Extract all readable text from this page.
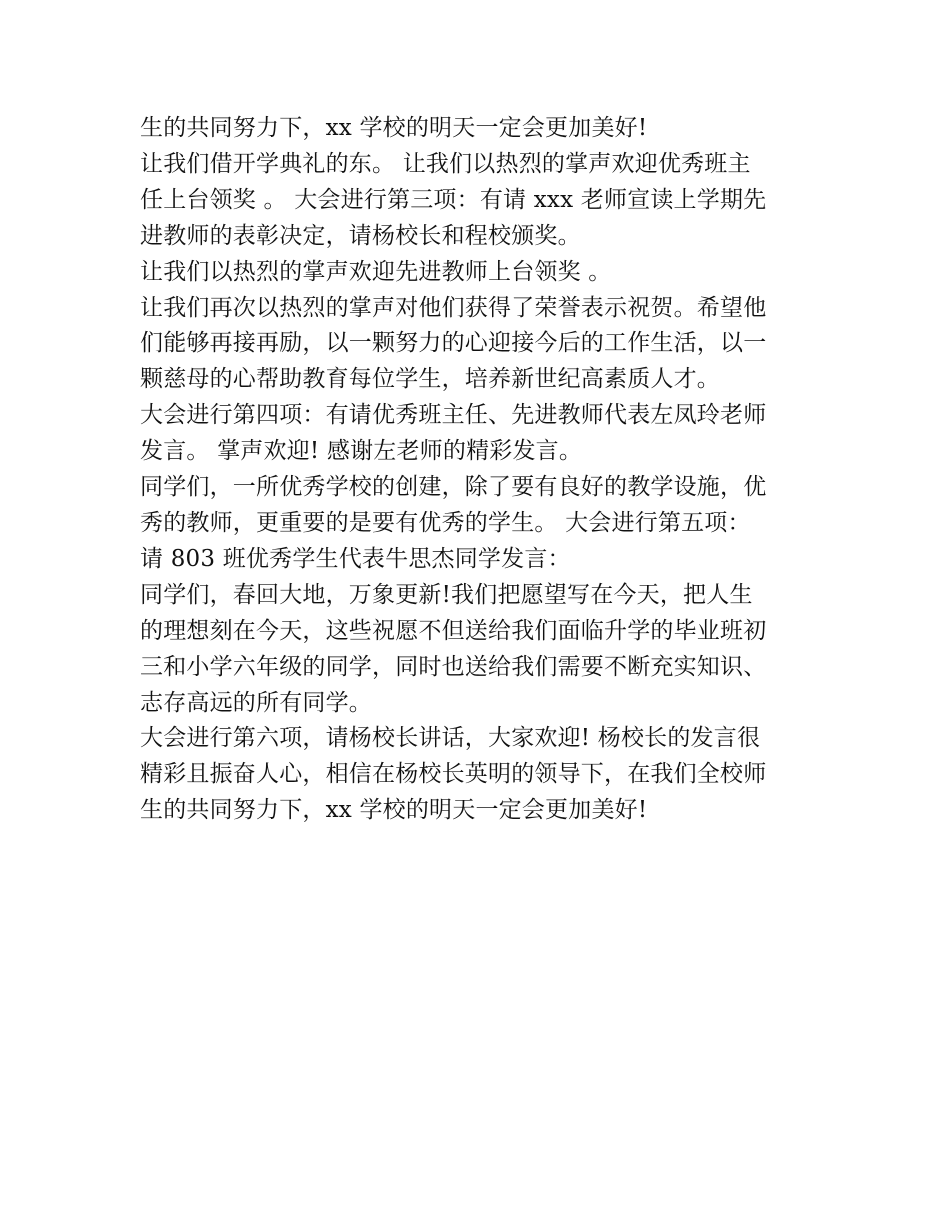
生的共同努力下，xx 学校的明天一定会更加美好!

让我们借开学典礼的东。 让我们以热烈的掌声欢迎优秀班主

任上台领奖 。 大会进行第三项：有请 xxx 老师宣读上学期先

进教师的表彰决定，请杨校长和程校颁奖。

让我们以热烈的掌声欢迎先进教师上台领奖 。

让我们再次以热烈的掌声对他们获得了荣誉表示祝贺。希望他

们能够再接再励，以一颗努力的心迎接今后的工作生活，以一

颗慈母的心帮助教育每位学生，培养新世纪高素质人才。

大会进行第四项：有请优秀班主任、先进教师代表左凤玲老师

发言。 掌声欢迎! 感谢左老师的精彩发言。

同学们，一所优秀学校的创建，除了要有良好的教学设施，优

秀的教师，更重要的是要有优秀的学生。 大会进行第五项：

请 803 班优秀学生代表牛思杰同学发言：

同学们，春回大地，万象更新!我们把愿望写在今天，把人生

的理想刻在今天，这些祝愿不但送给我们面临升学的毕业班初

三和小学六年级的同学，同时也送给我们需要不断充实知识、

志存高远的所有同学。

大会进行第六项，请杨校长讲话，大家欢迎! 杨校长的发言很

精彩且振奋人心，相信在杨校长英明的领导下，在我们全校师

生的共同努力下，xx 学校的明天一定会更加美好!
